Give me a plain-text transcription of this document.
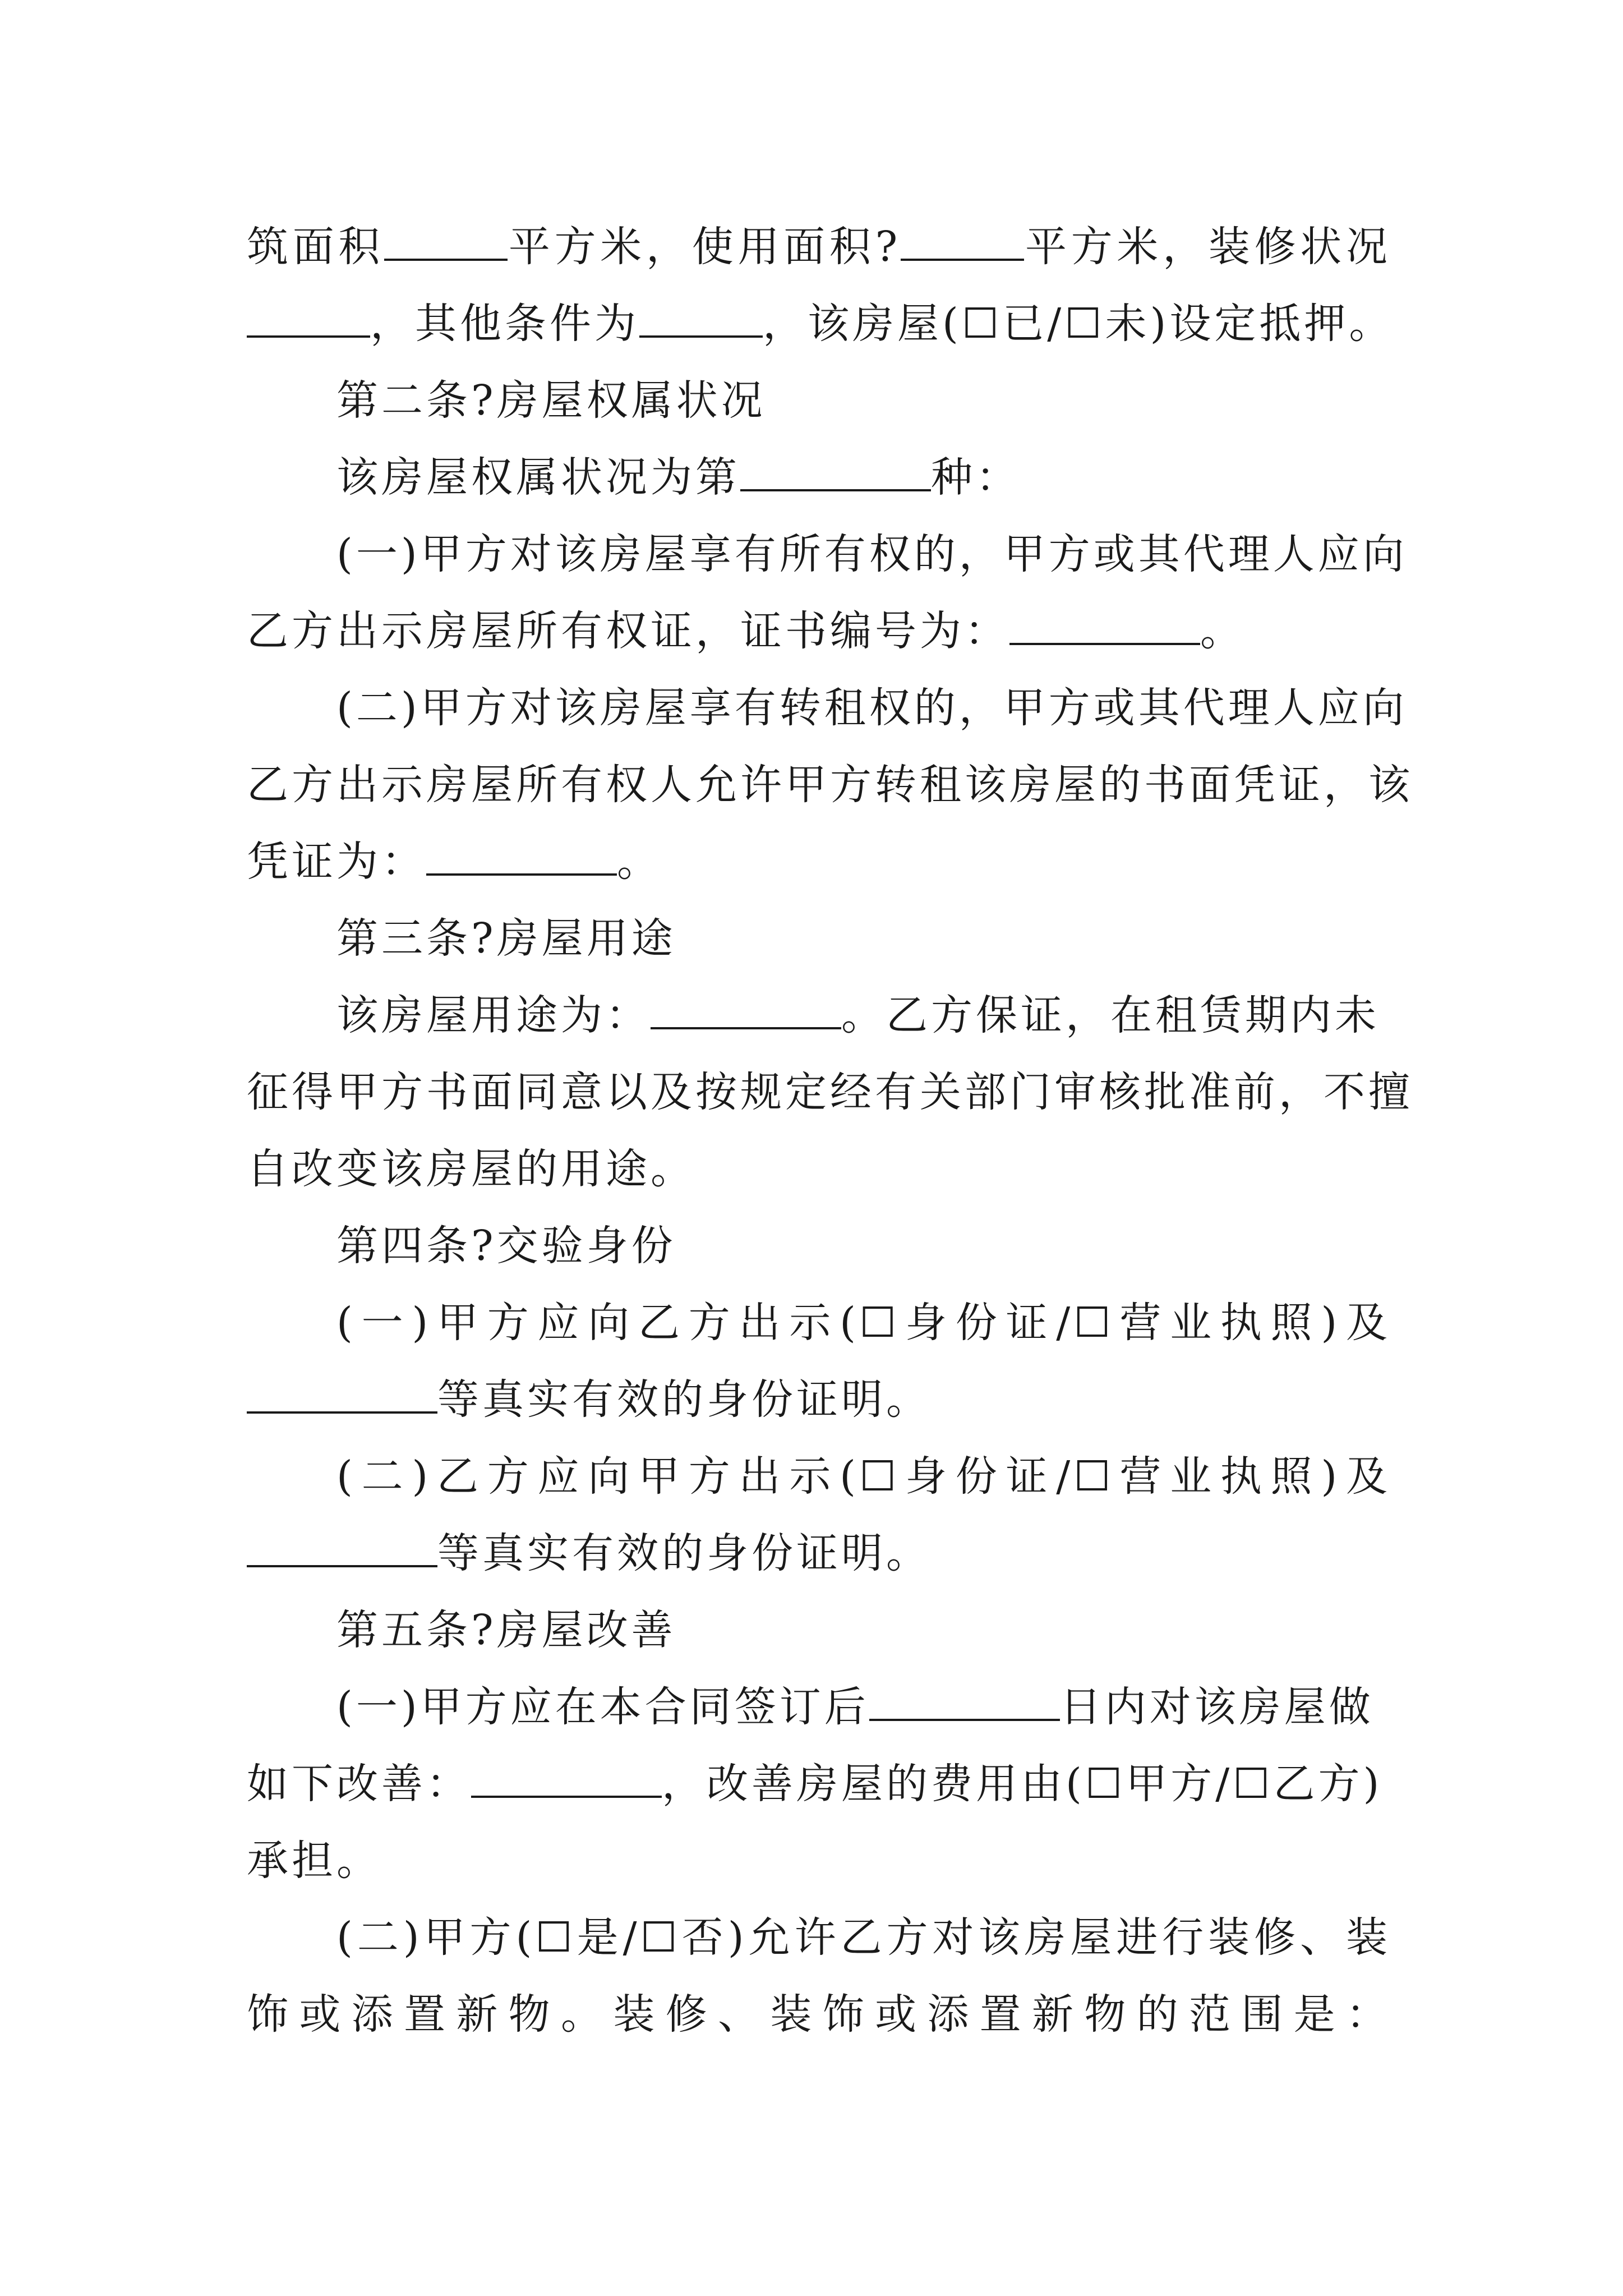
筑面积	平方米，使用面积?	平方米，装修状况
，其他条件为	，该房屋(☐已/☐未)设定抵押。
第二条?房屋权属状况
该房屋权属状况为第	种：
(一)甲方对该房屋享有所有权的，甲方或其代理人应向
乙方出示房屋所有权证，证书编号为：	。
(二)甲方对该房屋享有转租权的，甲方或其代理人应向
乙方出示房屋所有权人允许甲方转租该房屋的书面凭证，该
凭证为：	。
第三条?房屋用途
该房屋用途为：	。乙方保证，在租赁期内未
征得甲方书面同意以及按规定经有关部门审核批准前，不擅
自改变该房屋的用途。
第四条?交验身份
(一)甲方应向乙方出示(☐身份证/☐营业执照)及
等真实有效的身份证明。
(二)乙方应向甲方出示(☐身份证/☐营业执照)及
等真实有效的身份证明。
第五条?房屋改善
(一)甲方应在本合同签订后	日内对该房屋做
如下改善：	，改善房屋的费用由(☐甲方/☐乙方)
承担。
(二)甲方(☐是/☐否)允许乙方对该房屋进行装修、装
饰或添置新物。装修、装饰或添置新物的范围是：
